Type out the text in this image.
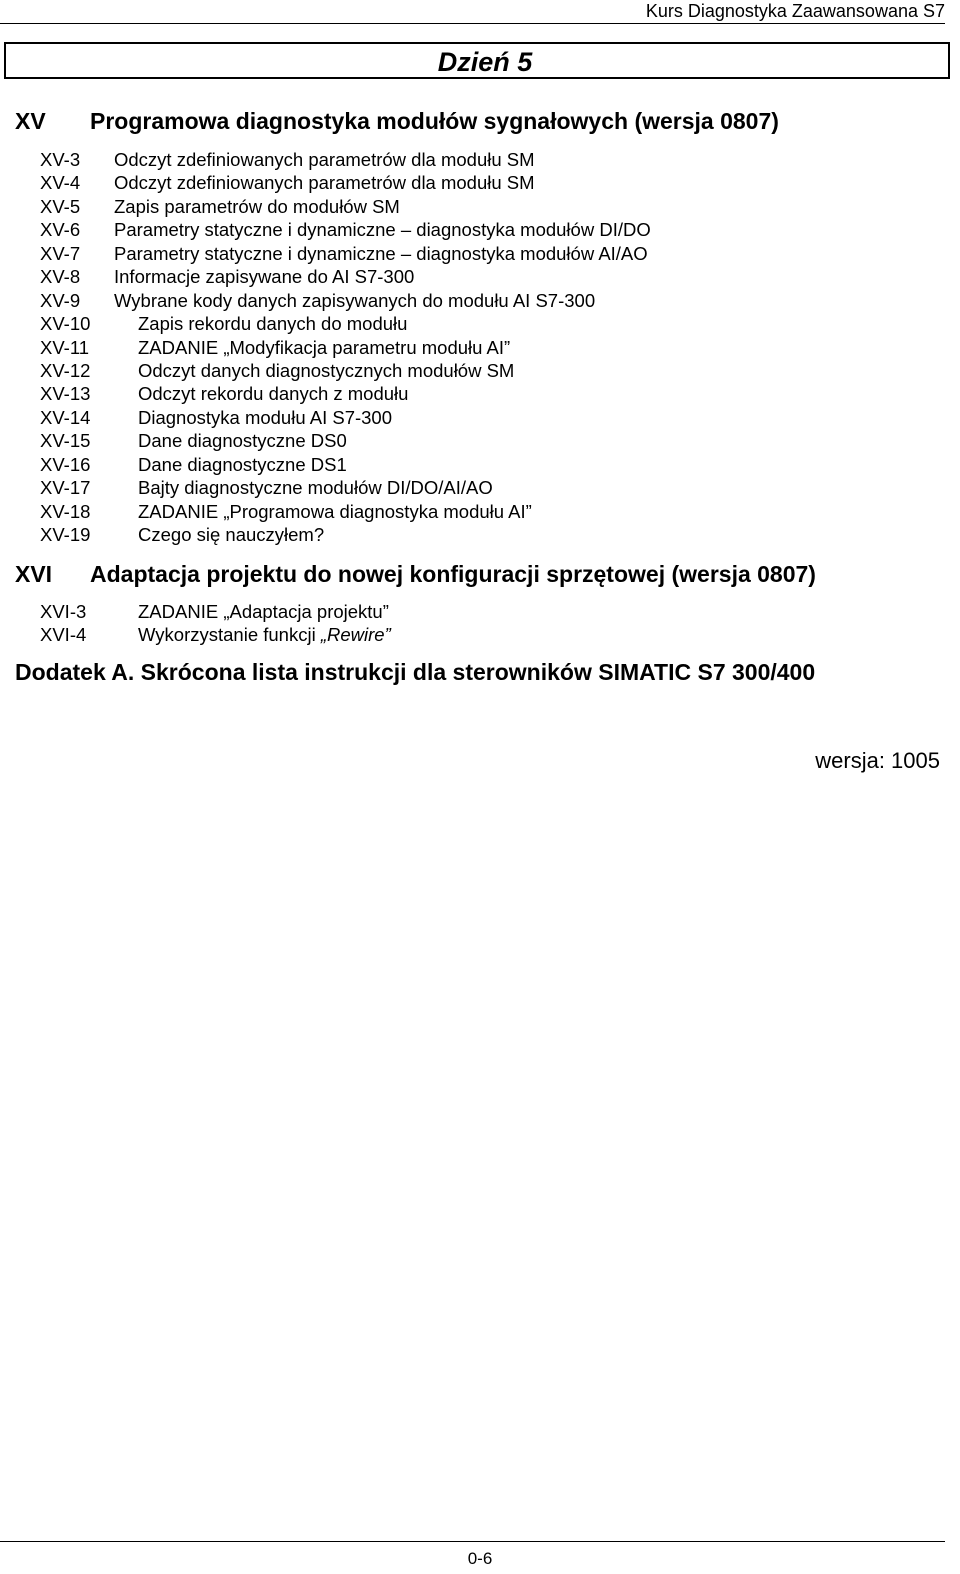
Kurs Diagnostyka Zaawansowana S7
Dzień 5
XV Programowa diagnostyka modułów sygnałowych (wersja 0807)
XV-3 Odczyt zdefiniowanych parametrów dla modułu SM
XV-4 Odczyt zdefiniowanych parametrów dla modułu SM
XV-5 Zapis parametrów do modułów SM
XV-6 Parametry statyczne i dynamiczne – diagnostyka modułów DI/DO
XV-7 Parametry statyczne i dynamiczne – diagnostyka modułów AI/AO
XV-8 Informacje zapisywane do AI S7-300
XV-9 Wybrane kody danych zapisywanych do modułu AI S7-300
XV-10	Zapis rekordu danych do modułu
XV-11	ZADANIE „Modyfikacja parametru modułu AI”
XV-12	Odczyt danych diagnostycznych modułów SM
XV-13	Odczyt rekordu danych z modułu
XV-14	Diagnostyka modułu AI S7-300
XV-15	Dane diagnostyczne DS0
XV-16	Dane diagnostyczne DS1
XV-17	Bajty diagnostyczne modułów DI/DO/AI/AO
XV-18	ZADANIE „Programowa diagnostyka modułu AI”
XV-19	Czego się nauczyłem?
XVI Adaptacja projektu do nowej konfiguracji sprzętowej (wersja 0807)
XVI-3	ZADANIE „Adaptacja projektu”
XVI-4	Wykorzystanie funkcji „Rewire”
Dodatek A. Skrócona lista instrukcji dla sterowników SIMATIC S7 300/400
wersja: 1005
0-6
